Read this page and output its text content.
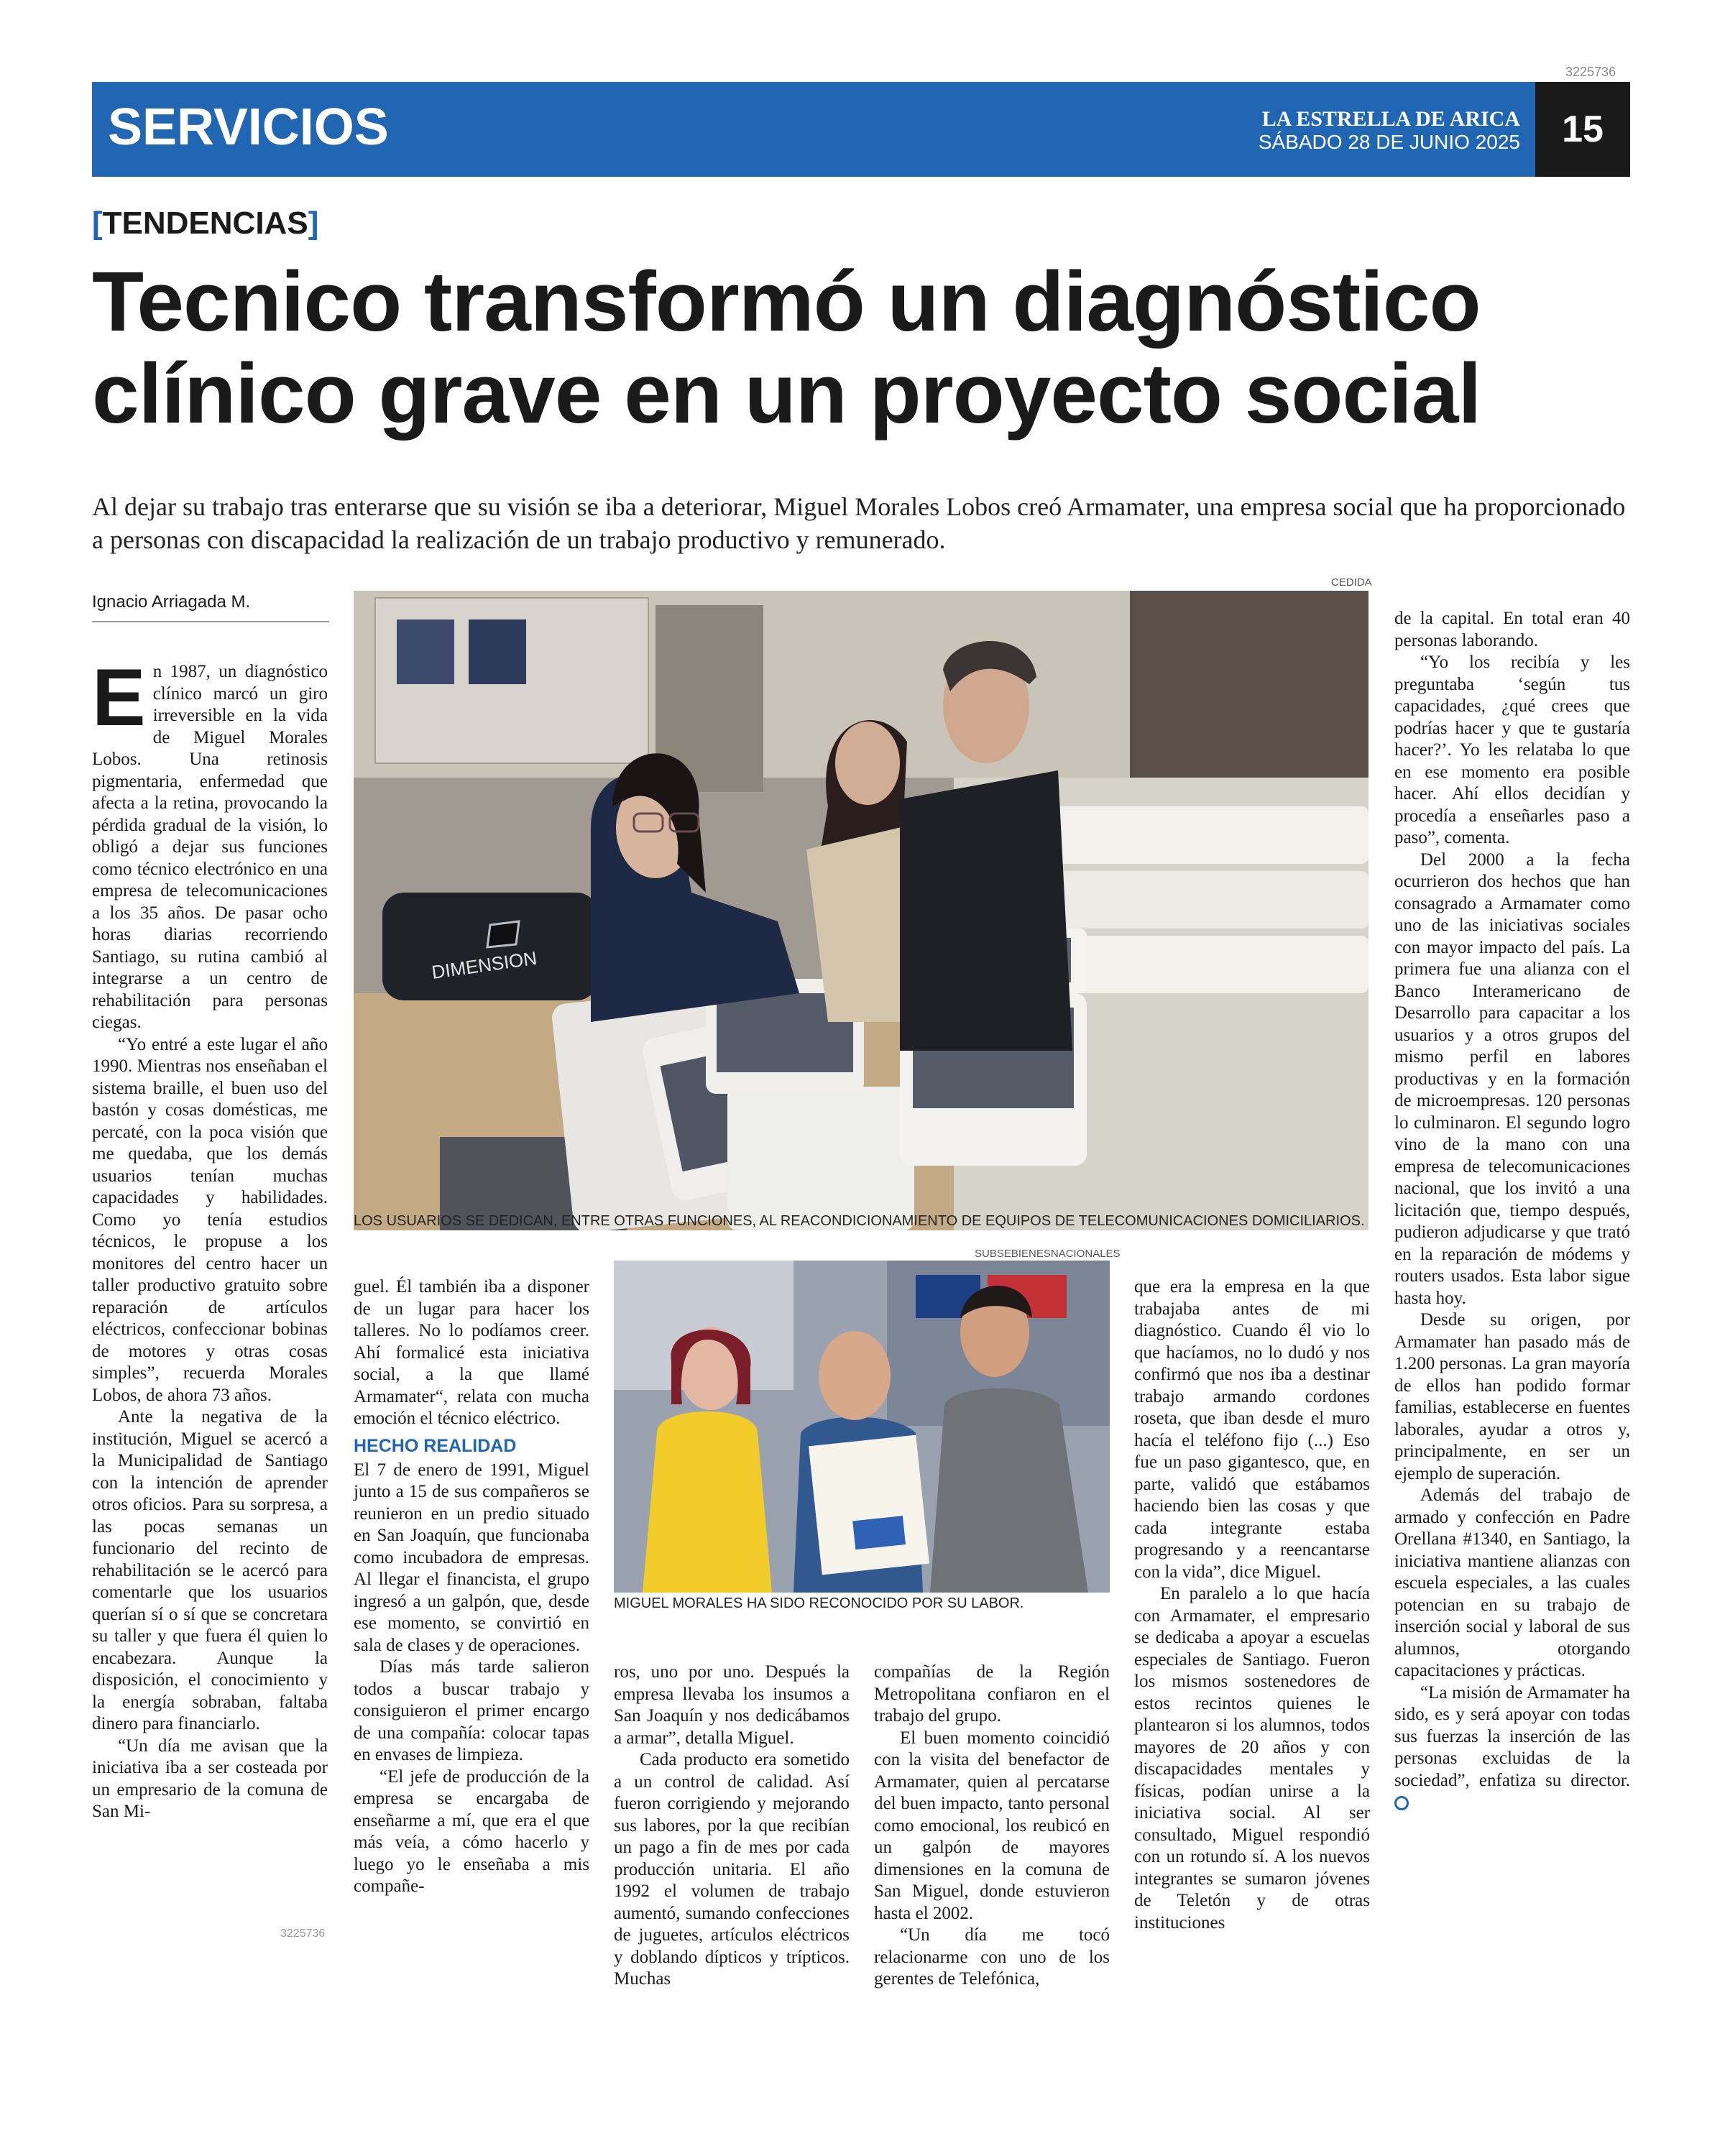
3225736
SERVICIOS	LA ESTRELLA DE ARICA
SÁBADO 28 DE JUNIO 2025	15
[TENDENCIAS]
Tecnico transformó un diagnóstico clínico grave en un proyecto social
Al dejar su trabajo tras enterarse que su visión se iba a deteriorar, Miguel Morales Lobos creó Armamater, una empresa social que ha proporcionado a personas con discapacidad la realización de un trabajo productivo y remunerado.
Ignacio Arriagada M.
CEDIDA
DIMENSION
LOS USUARIOS SE DEDICAN, ENTRE OTRAS FUNCIONES, AL REACONDICIONAMIENTO DE EQUIPOS DE TELECOMUNICACIONES DOMICILIARIOS.
SUBSEBIENESNACIONALES
MIGUEL MORALES HA SIDO RECONOCIDO POR SU LABOR.

En 1987, un diagnóstico clínico marcó un giro irreversible en la vida de Miguel Morales Lobos. Una retinosis pigmentaria, enfermedad que afecta a la retina, provocando la pérdida gradual de la visión, lo obligó a dejar sus funciones como técnico electrónico en una empresa de telecomunicaciones a los 35 años. De pasar ocho horas diarias recorriendo Santiago, su rutina cambió al integrarse a un centro de rehabilitación para personas ciegas.

“Yo entré a este lugar el año 1990. Mientras nos enseñaban el sistema braille, el buen uso del bastón y cosas domésticas, me percaté, con la poca visión que me quedaba, que los demás usuarios tenían muchas capacidades y habilidades. Como yo tenía estudios técnicos, le propuse a los monitores del centro hacer un taller productivo gratuito sobre reparación de artículos eléctricos, confeccionar bobinas de motores y otras cosas simples”, recuerda Morales Lobos, de ahora 73 años.

Ante la negativa de la institución, Miguel se acercó a la Municipalidad de Santiago con la intención de aprender otros oficios. Para su sorpresa, a las pocas semanas un funcionario del recinto de rehabilitación se le acercó para comentarle que los usuarios querían sí o sí que se concretara su taller y que fuera él quien lo encabezara. Aunque la disposición, el conocimiento y la energía sobraban, faltaba dinero para financiarlo.

“Un día me avisan que la iniciativa iba a ser costeada por un empresario de la comuna de San Mi-

guel. Él también iba a disponer de un lugar para hacer los talleres. No lo podíamos creer. Ahí formalicé esta iniciativa social, a la que llamé Armamater“, relata con mucha emoción el técnico eléctrico.

HECHO REALIDAD

El 7 de enero de 1991, Miguel junto a 15 de sus compañeros se reunieron en un predio situado en San Joaquín, que funcionaba como incubadora de empresas. Al llegar el financista, el grupo ingresó a un galpón, que, desde ese momento, se convirtió en sala de clases y de operaciones.

Días más tarde salieron todos a buscar trabajo y consiguieron el primer encargo de una compañía: colocar tapas en envases de limpieza.

“El jefe de producción de la empresa se encargaba de enseñarme a mí, que era el que más veía, a cómo hacerlo y luego yo le enseñaba a mis compañe-

ros, uno por uno. Después la empresa llevaba los insumos a San Joaquín y nos dedicábamos a armar”, detalla Miguel.

Cada producto era sometido a un control de calidad. Así fueron corrigiendo y mejorando sus labores, por la que recibían un pago a fin de mes por cada producción unitaria. El año 1992 el volumen de trabajo aumentó, sumando confecciones de juguetes, artículos eléctricos y doblando dípticos y trípticos. Muchas

compañías de la Región Metropolitana confiaron en el trabajo del grupo.

El buen momento coincidió con la visita del benefactor de Armamater, quien al percatarse del buen impacto, tanto personal como emocional, los reubicó en un galpón de mayores dimensiones en la comuna de San Miguel, donde estuvieron hasta el 2002.

“Un día me tocó relacionarme con uno de los gerentes de Telefónica,

que era la empresa en la que trabajaba antes de mi diagnóstico. Cuando él vio lo que hacíamos, no lo dudó y nos confirmó que nos iba a destinar trabajo armando cordones roseta, que iban desde el muro hacía el teléfono fijo (...) Eso fue un paso gigantesco, que, en parte, validó que estábamos haciendo bien las cosas y que cada integrante estaba progresando y a reencantarse con la vida”, dice Miguel.

En paralelo a lo que hacía con Armamater, el empresario se dedicaba a apoyar a escuelas especiales de Santiago. Fueron los mismos sostenedores de estos recintos quienes le plantearon si los alumnos, todos mayores de 20 años y con discapacidades mentales y físicas, podían unirse a la iniciativa social. Al ser consultado, Miguel respondió con un rotundo sí. A los nuevos integrantes se sumaron jóvenes de Teletón y de otras instituciones

de la capital. En total eran 40 personas laborando.

“Yo los recibía y les preguntaba ‘según tus capacidades, ¿qué crees que podrías hacer y que te gustaría hacer?’. Yo les relataba lo que en ese momento era posible hacer. Ahí ellos decidían y procedía a enseñarles paso a paso”, comenta.

Del 2000 a la fecha ocurrieron dos hechos que han consagrado a Armamater como uno de las iniciativas sociales con mayor impacto del país. La primera fue una alianza con el Banco Interamericano de Desarrollo para capacitar a los usuarios y a otros grupos del mismo perfil en labores productivas y en la formación de microempresas. 120 personas lo culminaron. El segundo logro vino de la mano con una empresa de telecomunicaciones nacional, que los invitó a una licitación que, tiempo después, pudieron adjudicarse y que trató en la reparación de módems y routers usados. Esta labor sigue hasta hoy.

Desde su origen, por Armamater han pasado más de 1.200 personas. La gran mayoría de ellos han podido formar familias, establecerse en fuentes laborales, ayudar a otros y, principalmente, en ser un ejemplo de superación.

Además del trabajo de armado y confección en Padre Orellana #1340, en Santiago, la iniciativa mantiene alianzas con escuela especiales, a las cuales potencian en su trabajo de inserción social y laboral de sus alumnos, otorgando capacitaciones y prácticas.

“La misión de Armamater ha sido, es y será apoyar con todas sus fuerzas la inserción de las personas excluidas de la sociedad”, enfatiza su director.

3225736
